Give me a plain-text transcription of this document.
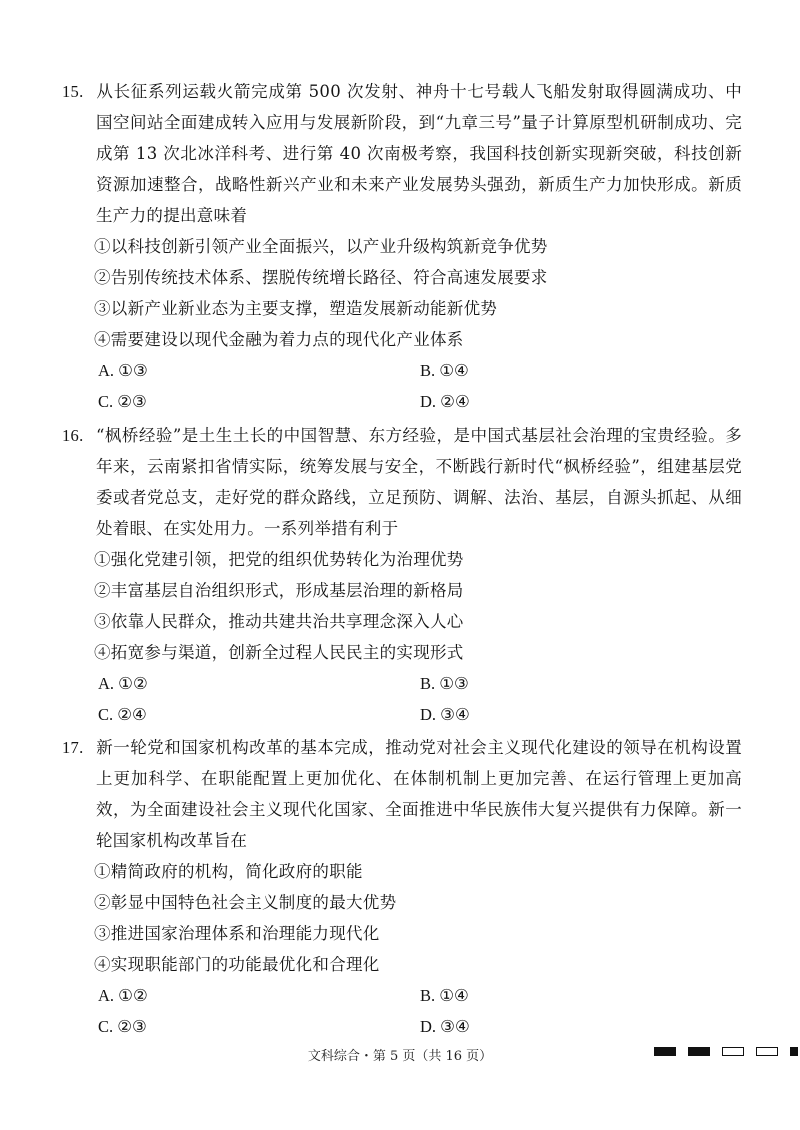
15. 从长征系列运载火箭完成第 500 次发射、神舟十七号载人飞船发射取得圆满成功、中国空间站全面建成转入应用与发展新阶段，到“九章三号”量子计算原型机研制成功、完成第 13 次北冰洋科考、进行第 40 次南极考察，我国科技创新实现新突破，科技创新资源加速整合，战略性新兴产业和未来产业发展势头强劲，新质生产力加快形成。新质生产力的提出意味着

①以科技创新引领产业全面振兴，以产业升级构筑新竞争优势

②告别传统技术体系、摆脱传统增长路径、符合高速发展要求

③以新产业新业态为主要支撑，塑造发展新动能新优势

④需要建设以现代金融为着力点的现代化产业体系

A. ①③	B. ①④
C. ②③	D. ②④

16. “枫桥经验”是土生土长的中国智慧、东方经验，是中国式基层社会治理的宝贵经验。多年来，云南紧扣省情实际，统筹发展与安全，不断践行新时代“枫桥经验”，组建基层党委或者党总支，走好党的群众路线，立足预防、调解、法治、基层，自源头抓起、从细处着眼、在实处用力。一系列举措有利于

①强化党建引领，把党的组织优势转化为治理优势

②丰富基层自治组织形式，形成基层治理的新格局

③依靠人民群众，推动共建共治共享理念深入人心

④拓宽参与渠道，创新全过程人民民主的实现形式

A. ①②	B. ①③
C. ②④	D. ③④

17. 新一轮党和国家机构改革的基本完成，推动党对社会主义现代化建设的领导在机构设置上更加科学、在职能配置上更加优化、在体制机制上更加完善、在运行管理上更加高效，为全面建设社会主义现代化国家、全面推进中华民族伟大复兴提供有力保障。新一轮国家机构改革旨在

①精简政府的机构，简化政府的职能

②彰显中国特色社会主义制度的最大优势

③推进国家治理体系和治理能力现代化

④实现职能部门的功能最优化和合理化

A. ①②	B. ①④
C. ②③	D. ③④
文科综合・第 5 页（共 16 页）
